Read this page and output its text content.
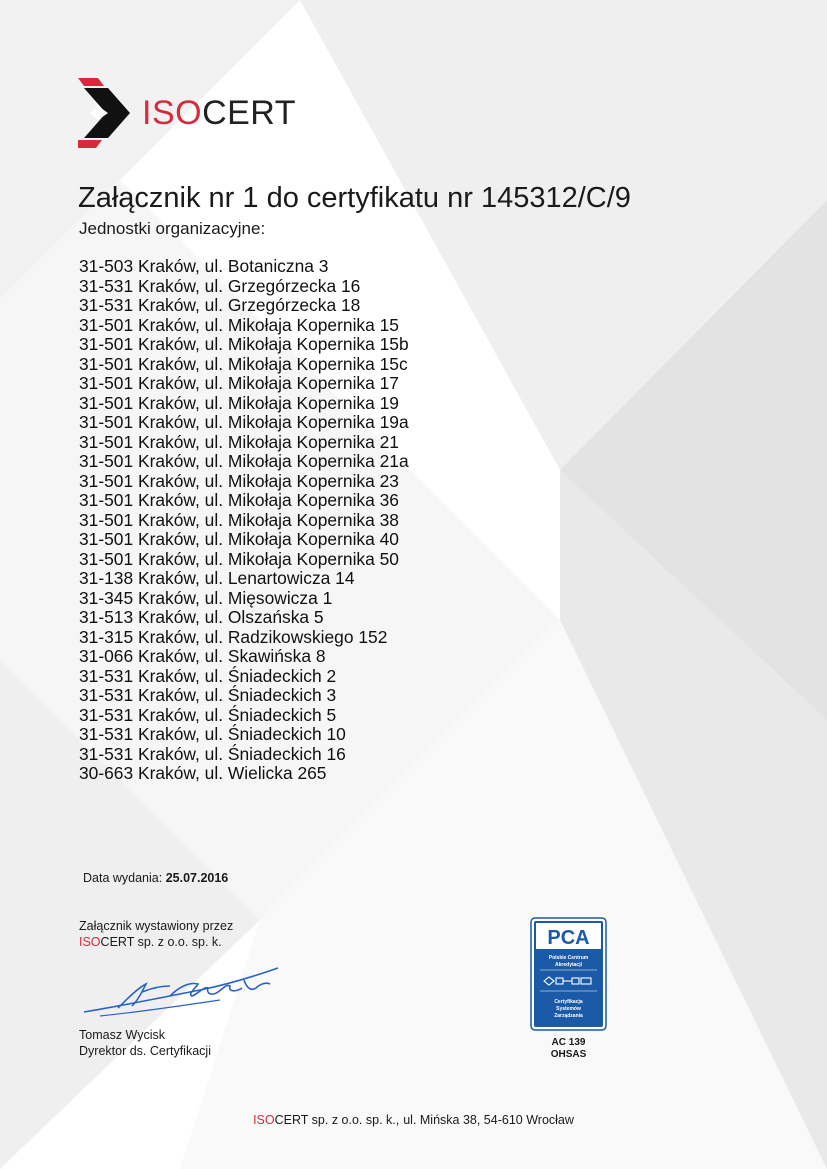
ISOCERT
Załącznik nr 1 do certyfikatu nr 145312/C/9
Jednostki organizacyjne:
31-503 Kraków, ul. Botaniczna 3
31-531 Kraków, ul. Grzegórzecka 16
31-531 Kraków, ul. Grzegórzecka 18
31-501 Kraków, ul. Mikołaja Kopernika 15
31-501 Kraków, ul. Mikołaja Kopernika 15b
31-501 Kraków, ul. Mikołaja Kopernika 15c
31-501 Kraków, ul. Mikołaja Kopernika 17
31-501 Kraków, ul. Mikołaja Kopernika 19
31-501 Kraków, ul. Mikołaja Kopernika 19a
31-501 Kraków, ul. Mikołaja Kopernika 21
31-501 Kraków, ul. Mikołaja Kopernika 21a
31-501 Kraków, ul. Mikołaja Kopernika 23
31-501 Kraków, ul. Mikołaja Kopernika 36
31-501 Kraków, ul. Mikołaja Kopernika 38
31-501 Kraków, ul. Mikołaja Kopernika 40
31-501 Kraków, ul. Mikołaja Kopernika 50
31-138 Kraków, ul. Lenartowicza 14
31-345 Kraków, ul. Mięsowicza 1
31-513 Kraków, ul. Olszańska 5
31-315 Kraków, ul. Radzikowskiego 152
31-066 Kraków, ul. Skawińska 8
31-531 Kraków, ul. Śniadeckich 2
31-531 Kraków, ul. Śniadeckich 3
31-531 Kraków, ul. Śniadeckich 5
31-531 Kraków, ul. Śniadeckich 10
31-531 Kraków, ul. Śniadeckich 16
30-663 Kraków, ul. Wielicka 265
Data wydania: 25.07.2016
Załącznik wystawiony przez
ISOCERT sp. z o.o. sp. k.
Tomasz Wycisk
Dyrektor ds. Certyfikacji
PCA
Polskie Centrum
Akredytacji
Certyfikacja
Systemów
Zarządzania
AC 139
OHSAS
ISOCERT sp. z o.o. sp. k., ul. Mińska 38, 54-610 Wrocław
